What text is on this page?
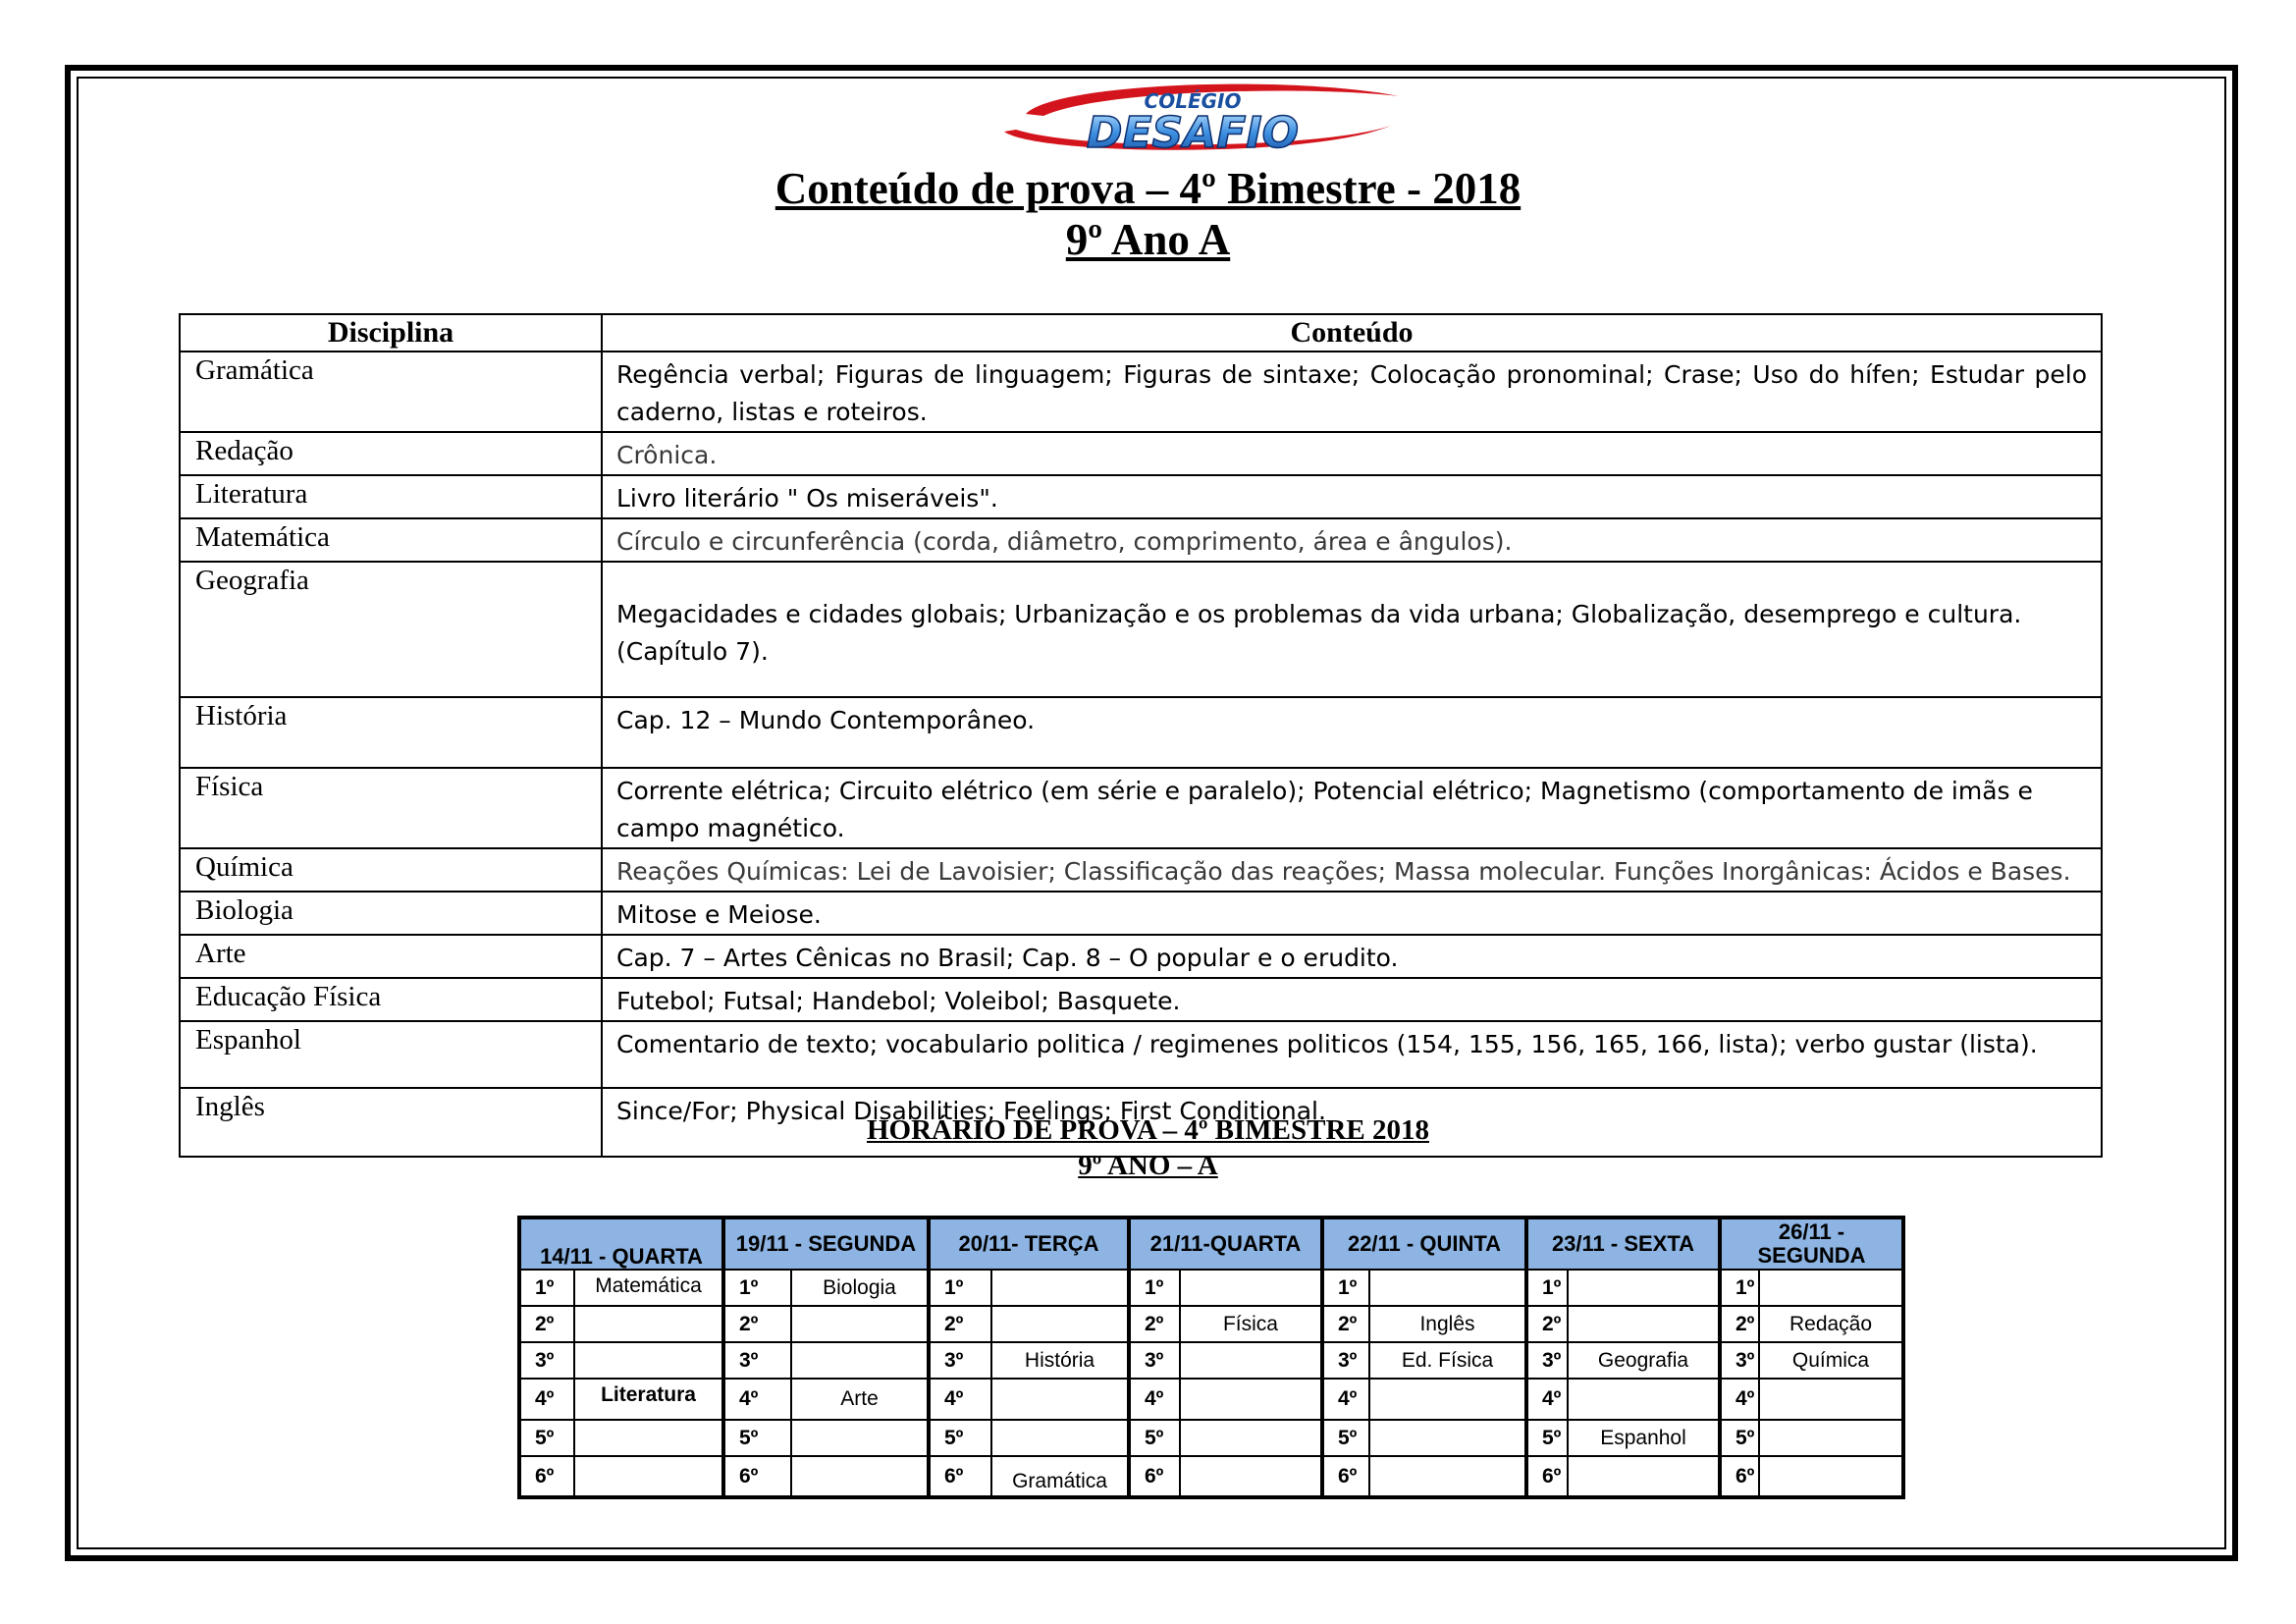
COLÉGIO
DESAFIO
Conteúdo de prova – 4º Bimestre - 2018
9º Ano A
Disciplina	Conteúdo
Gramática	Regência verbal; Figuras de linguagem; Figuras de sintaxe; Colocação pronominal; Crase; Uso do hífen; Estudar pelo caderno, listas e roteiros.
Redação	Crônica.
Literatura	Livro literário " Os miseráveis".
Matemática	Círculo e circunferência (corda, diâmetro, comprimento, área e ângulos).
Geografia	Megacidades e cidades globais; Urbanização e os problemas da vida urbana; Globalização, desemprego e cultura. (Capítulo 7).
História	Cap. 12 – Mundo Contemporâneo.
Física	Corrente elétrica; Circuito elétrico (em série e paralelo); Potencial elétrico; Magnetismo (comportamento de imãs e campo magnético.
Química	Reações Químicas: Lei de Lavoisier; Classificação das reações; Massa molecular. Funções Inorgânicas: Ácidos e Bases.
Biologia	Mitose e Meiose.
Arte	Cap. 7 – Artes Cênicas no Brasil; Cap. 8 – O popular e o erudito.
Educação Física	Futebol; Futsal; Handebol; Voleibol; Basquete.
Espanhol	Comentario de texto; vocabulario politica / regimenes politicos (154, 155, 156, 165, 166, lista); verbo gustar (lista).
Inglês	Since/For; Physical Disabilities; Feelings; First Conditional.
HORÁRIO DE PROVA – 4º BIMESTRE 2018
9º ANO – A
14/11 - QUARTA		19/11 - SEGUNDA		20/11- TERÇA		21/11-QUARTA		22/11 - QUINTA		23/11 - SEXTA		26/11 - SEGUNDA	
1º	Matemática	1º	Biologia	1º		1º		1º		1º		1º	
2º		2º		2º		2º	Física	2º	Inglês	2º		2º	Redação
3º		3º		3º	História	3º		3º	Ed. Física	3º	Geografia	3º	Química
4º	Literatura	4º	Arte	4º		4º		4º		4º		4º	
5º		5º		5º		5º		5º		5º	Espanhol	5º	
6º		6º		6º	Gramática	6º		6º		6º		6º	
